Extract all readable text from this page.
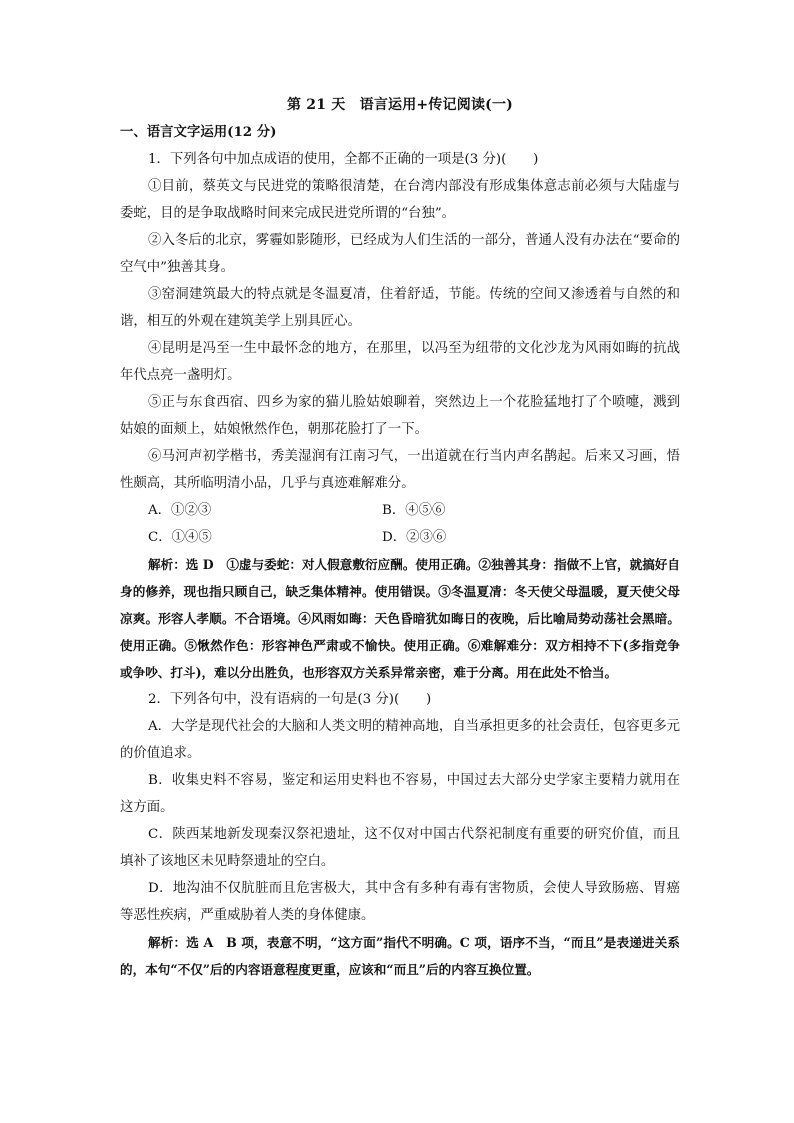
第 21 天　语言运用+传记阅读(一)
一、语言文字运用(12 分)

1．下列各句中加点成语的使用，全都不正确的一项是(3 分)(　　)

①目前，蔡英文与民进党的策略很清楚，在台湾内部没有形成集体意志前必须与大陆虚与委蛇，目的是争取战略时间来完成民进党所谓的“台独”。

②入冬后的北京，雾霾如影随形，已经成为人们生活的一部分，普通人没有办法在“要命的空气中”独善其身。

③窑洞建筑最大的特点就是冬温夏凊，住着舒适，节能。传统的空间又渗透着与自然的和谐，相互的外观在建筑美学上别具匠心。

④昆明是冯至一生中最怀念的地方，在那里，以冯至为纽带的文化沙龙为风雨如晦的抗战年代点亮一盏明灯。

⑤正与东食西宿、四乡为家的猫儿脸姑娘聊着，突然边上一个花脸猛地打了个喷嚏，溅到姑娘的面颊上，姑娘愀然作色，朝那花脸打了一下。

⑥马河声初学楷书，秀美湿润有江南习气，一出道就在行当内声名鹊起。后来又习画，悟性颇高，其所临明清小品，几乎与真迹难解难分。

A．①②③	B．④⑤⑥
C．①④⑤	D．②③⑥

解析：选 D　①虚与委蛇：对人假意敷衍应酬。使用正确。②独善其身：指做不上官，就搞好自身的修养，现也指只顾自己，缺乏集体精神。使用错误。③冬温夏凊：冬天使父母温暖，夏天使父母凉爽。形容人孝顺。不合语境。④风雨如晦：天色昏暗犹如晦日的夜晚，后比喻局势动荡社会黑暗。使用正确。⑤愀然作色：形容神色严肃或不愉快。使用正确。⑥难解难分：双方相持不下(多指竞争或争吵、打斗)，难以分出胜负，也形容双方关系异常亲密，难于分离。用在此处不恰当。

2．下列各句中，没有语病的一句是(3 分)(　　)

A．大学是现代社会的大脑和人类文明的精神高地，自当承担更多的社会责任，包容更多元的价值追求。

B．收集史料不容易，鉴定和运用史料也不容易，中国过去大部分史学家主要精力就用在这方面。

C．陕西某地新发现秦汉祭祀遗址，这不仅对中国古代祭祀制度有重要的研究价值，而且填补了该地区未见畤祭遗址的空白。

D．地沟油不仅肮脏而且危害极大，其中含有多种有毒有害物质，会使人导致肠癌、胃癌等恶性疾病，严重威胁着人类的身体健康。

解析：选 A　B 项，表意不明，“这方面”指代不明确。C 项，语序不当，“而且”是表递进关系的，本句“不仅”后的内容语意程度更重，应该和“而且”后的内容互换位置。
